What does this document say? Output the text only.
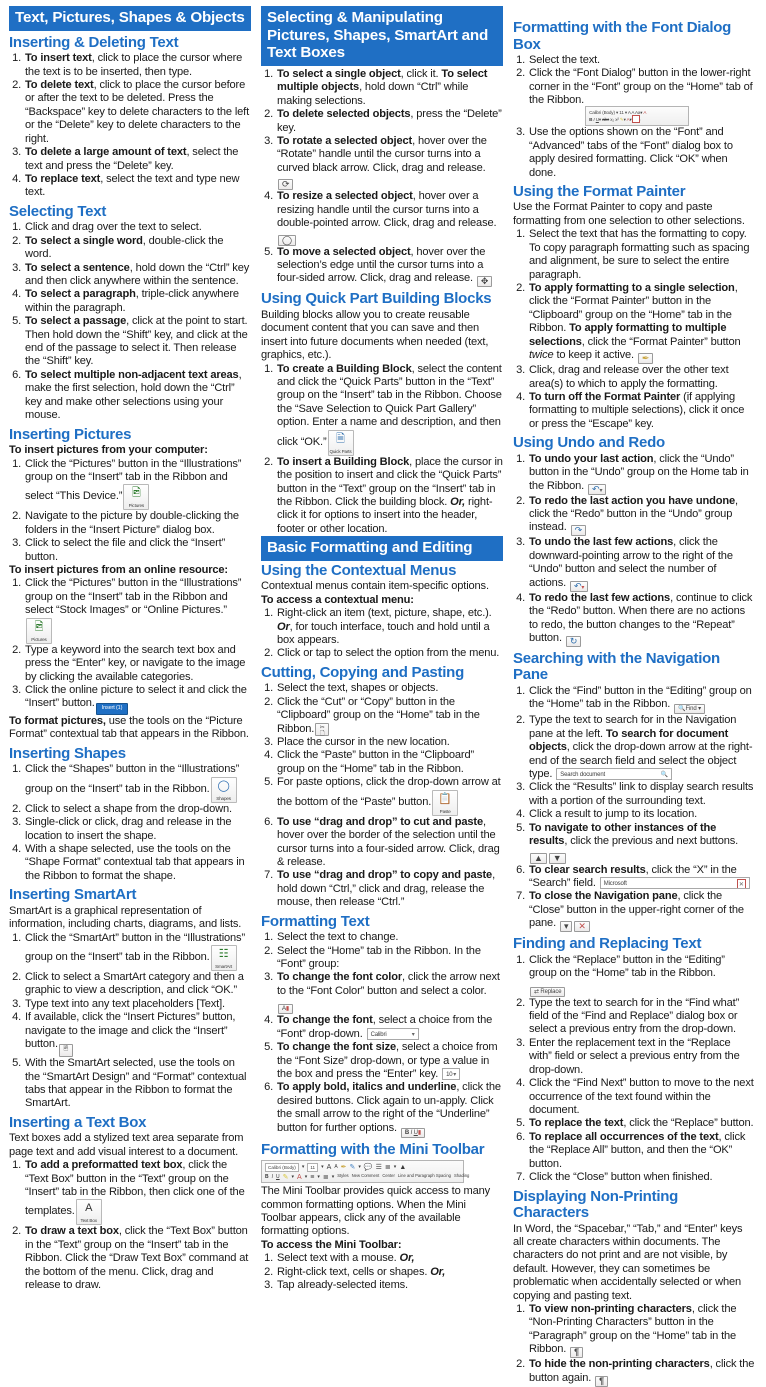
Text, Pictures, Shapes & Objects
Inserting & Deleting Text
1. To insert text, click to place the cursor where the text is to be inserted, then type.
2. To delete text, click to place the cursor before or after the text to be deleted. Press the “Backspace” key to delete characters to the left or the “Delete” key to delete characters to the right.
3. To delete a large amount of text, select the text and press the “Delete” key.
4. To replace text, select the text and type new text.
Selecting Text
1. Click and drag over the text to select.
2. To select a single word, double-click the word.
3. To select a sentence, hold down the “Ctrl” key and then click anywhere within the sentence.
4. To select a paragraph, triple-click anywhere within the paragraph.
5. To select a passage, click at the point to start. Then hold down the “Shift” key, and click at the end of the passage to select it. Then release the “Shift” key.
6. To select multiple non-adjacent text areas, make the first selection, hold down the “Ctrl” key and make other selections using your mouse.
Inserting Pictures

To insert pictures from your computer:

1. Click the “Pictures” button in the “Illustrations” group on the “Insert” tab in the Ribbon and select “This Device.” 🖻
Pictures
2. Navigate to the picture by double-clicking the folders in the “Insert Picture” dialog box.
3. Click to select the file and click the “Insert” button.

To insert pictures from an online resource:

1. Click the “Pictures” button in the “Illustrations” group on the “Insert” tab in the Ribbon and select “Stock Images” or “Online Pictures.”
🖻
Pictures
2. Type a keyword into the search text box and press the “Enter” key, or navigate to the image by clicking the available categories.
3. Click the online picture to select it and click the “Insert” button. Insert (1)

To format pictures, use the tools on the “Picture Format” contextual tab that appears in the Ribbon.

Inserting Shapes
1. Click the “Shapes” button in the “Illustrations” group on the “Insert” tab in the Ribbon. ◯
Shapes
2. Click to select a shape from the drop-down.
3. Single-click or click, drag and release in the location to insert the shape.
4. With a shape selected, use the tools on the “Shape Format” contextual tab that appears in the Ribbon to format the shape.
Inserting SmartArt

SmartArt is a graphical representation of information, including charts, diagrams, and lists.

1. Click the “SmartArt” button in the “Illustrations” group on the “Insert” tab in the Ribbon. ☷
SmartArt
2. Click to select a SmartArt category and then a graphic to view a description, and click “OK.”
3. Type text into any text placeholders [Text].
4. If available, click the “Insert Pictures” button, navigate to the image and click the “Insert” button. 🖻
5. With the SmartArt selected, use the tools on the “SmartArt Design” and “Format” contextual tabs that appear in the Ribbon to format the SmartArt.
Inserting a Text Box

Text boxes add a stylized text area separate from page text and add visual interest to a document.

1. To add a preformatted text box, click the “Text Box” button in the “Text” group on the “Insert” tab in the Ribbon, then click one of the templates. A
Text Box
2. To draw a text box, click the “Text Box” button in the “Text” group on the “Insert” tab in the Ribbon. Click the “Draw Text Box” command at the bottom of the menu. Click, drag and release to draw.
Selecting & Manipulating Pictures, Shapes, SmartArt and Text Boxes
1. To select a single object, click it. To select multiple objects, hold down “Ctrl” while making selections.
2. To delete selected objects, press the “Delete” key.
3. To rotate a selected object, hover over the “Rotate” handle until the cursor turns into a curved black arrow. Click, drag and release. ⟳
4. To resize a selected object, hover over a resizing handle until the cursor turns into a double-pointed arrow. Click, drag and release. ◯
5. To move a selected object, hover over the selection’s edge until the cursor turns into a four-sided arrow. Click, drag and release. ✥
Using Quick Part Building Blocks

Building blocks allow you to create reusable document content that you can save and then insert into future documents when needed (text, graphics, etc.).

1. To create a Building Block, select the content and click the “Quick Parts” button in the “Text” group on the “Insert” tab in the Ribbon. Choose the “Save Selection to Quick Part Gallery” option. Enter a name and description, and then click “OK.” 🗎
Quick Parts
2. To insert a Building Block, place the cursor in the position to insert and click the “Quick Parts” button in the “Text” group on the “Insert” tab in the Ribbon. Click the building block. Or, right-click it for options to insert into the header, footer or other location.
Basic Formatting and Editing
Using the Contextual Menus

Contextual menus contain item-specific options. To access a contextual menu:

1. Right-click an item (text, picture, shape, etc.). Or, for touch interface, touch and hold until a box appears.
2. Click or tap to select the option from the menu.
Cutting, Copying and Pasting
1. Select the text, shapes or objects.
2. Click the “Cut” or “Copy” button in the “Clipboard” group on the “Home” tab in the Ribbon. ✂
🗋
3. Place the cursor in the new location.
4. Click the “Paste” button in the “Clipboard” group on the “Home” tab in the Ribbon.
5. For paste options, click the drop-down arrow at the bottom of the “Paste” button. 📋
Paste
6. To use “drag and drop” to cut and paste, hover over the border of the selection until the cursor turns into a four-sided arrow. Click, drag & release.
7. To use “drag and drop” to copy and paste, hold down “Ctrl,” click and drag, release the mouse, then release “Ctrl.”
Formatting Text
1. Select the text to change.
2. Select the “Home” tab in the Ribbon. In the “Font” group:
3. To change the font color, click the arrow next to the “Font Color” button and select a color. A▮
4. To change the font, select a choice from the “Font” drop-down. Calibri	▾
5. To change the font size, select a choice from the “Font Size” drop-down, or type a value in the box and press the “Enter” key. 10 ▾
6. To apply bold, italics and underline, click the desired buttons. Click again to un-apply. Click the small arrow to the right of the “Underline” button for further options. B I U▮
Formatting with the Mini Toolbar
Calibri (Body)	▾	11	▾ A A ✒ ✎ ▾ 💬 ☰ ≣ ▾ ▲
B I U ✎ ▾ A ▾ ≡ ▾ ≣ ▾ Styles New Comment Center Line and Paragraph Spacing Shading

The Mini Toolbar provides quick access to many common formatting options. When the Mini Toolbar appears, click any of the available formatting options.

To access the Mini Toolbar:

1. Select text with a mouse. Or,
2. Right-click text, cells or shapes. Or,
3. Tap already-selected items.
Formatting with the Font Dialog Box
1. Select the text.
2. Click the “Font Dialog” button in the lower-right corner in the “Font” group on the “Home” tab of the Ribbon.Calibri (Body) ▾ 11 ▾ A A Aa▾ A B I U▾ abc x₂ x² ✎▾ A▾
3. Use the options shown on the “Font” and “Advanced” tabs of the “Font” dialog box to apply desired formatting. Click “OK” when done.
Using the Format Painter

Use the Format Painter to copy and paste formatting from one selection to other selections.

1. Select the text that has the formatting to copy. To copy paragraph formatting such as spacing and alignment, be sure to select the entire paragraph.
2. To apply formatting to a single selection, click the “Format Painter” button in the “Clipboard” group on the “Home” tab in the Ribbon. To apply formatting to multiple selections, click the “Format Painter” button twice to keep it active. ✒
3. Click, drag and release over the other text area(s) to which to apply the formatting.
4. To turn off the Format Painter (if applying formatting to multiple selections), click it once or press the “Escape” key.
Using Undo and Redo
1. To undo your last action, click the “Undo” button in the “Undo” group on the Home tab in the Ribbon. ↶▾
2. To redo the last action you have undone, click the “Redo” button in the “Undo” group instead. ↷
3. To undo the last few actions, click the downward-pointing arrow to the right of the “Undo” button and select the number of actions. ↶▾
4. To redo the last few actions, continue to click the “Redo” button. When there are no actions to redo, the button changes to the “Repeat” button. ↻
Searching with the Navigation Pane
1. Click the “Find” button in the “Editing” group on the “Home” tab in the Ribbon. 🔍Find ▾
2. Type the text to search for in the Navigation pane at the left. To search for document objects, click the drop-down arrow at the right-end of the search field and select the object type. Search document	🔍
3. Click the “Results” link to display search results with a portion of the surrounding text.
4. Click a result to jump to its location.
5. To navigate to other instances of the results, click the previous and next buttons. ▲ ▼
6. To clear search results, click the “X” in the “Search” field. Microsoft	✕
7. To close the Navigation pane, click the “Close” button in the upper-right corner of the pane. ▾ ✕
Finding and Replacing Text
1. Click the “Replace” button in the “Editing” group on the “Home” tab in the Ribbon. ⇄ Replace
2. Type the text to search for in the “Find what” field of the “Find and Replace” dialog box or select a previous entry from the drop-down.
3. Enter the replacement text in the “Replace with” field or select a previous entry from the drop-down.
4. Click the “Find Next” button to move to the next occurrence of the text found within the document.
5. To replace the text, click the “Replace” button.
6. To replace all occurrences of the text, click the “Replace All” button, and then the “OK” button.
7. Click the “Close” button when finished.
Displaying Non-Printing Characters

In Word, the “Spacebar,” “Tab,” and “Enter” keys all create characters within documents. The characters do not print and are not visible, by default. However, they can sometimes be problematic when accidentally selected or when copying and pasting text.

1. To view non-printing characters, click the “Non-Printing Characters” button in the “Paragraph” group on the “Home” tab in the Ribbon. ¶
2. To hide the non-printing characters, click the button again. ¶
